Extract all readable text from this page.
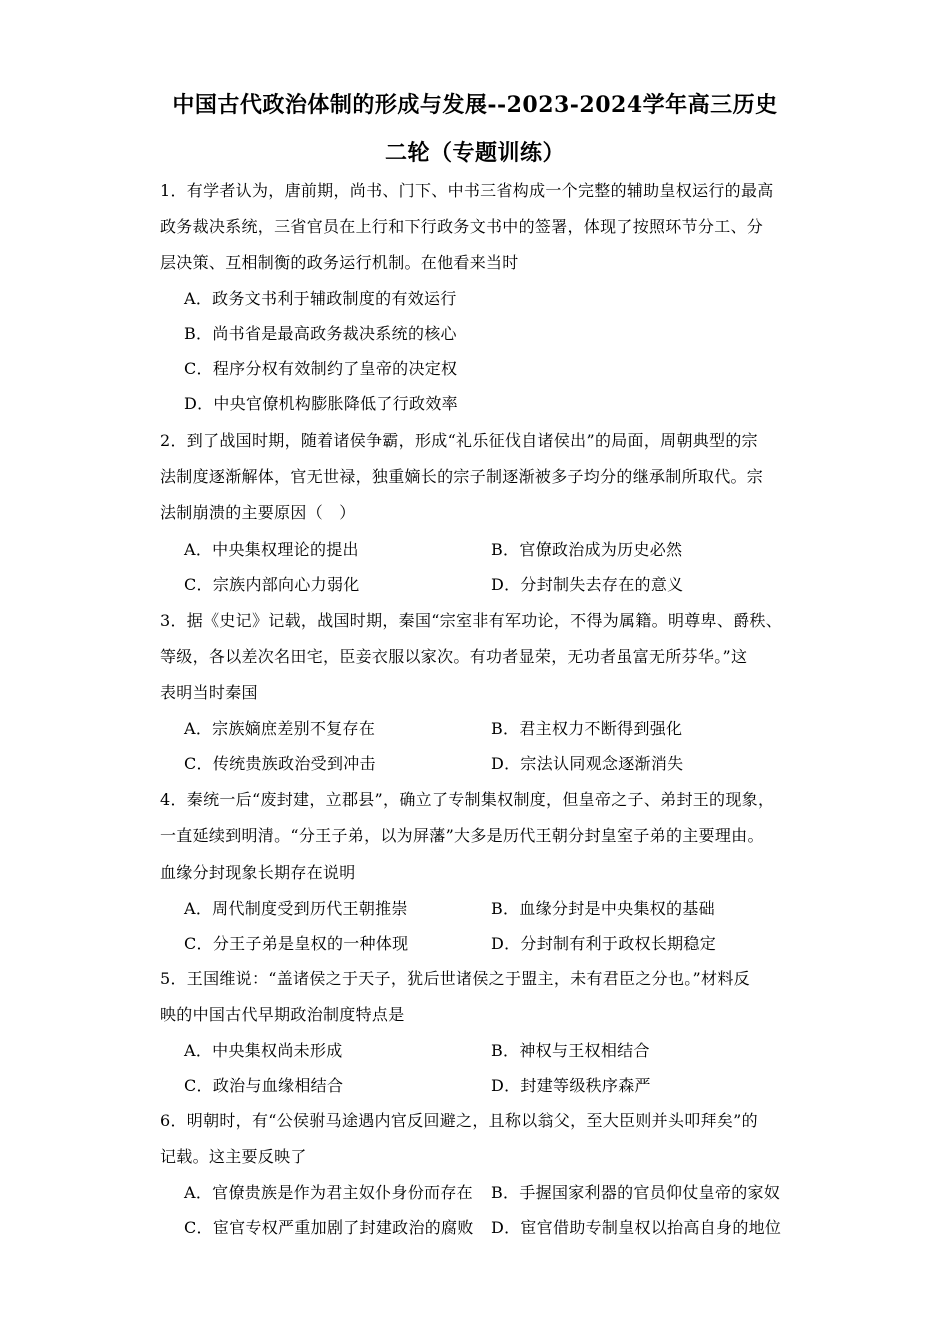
中国古代政治体制的形成与发展--2023-2024学年高三历史
二轮（专题训练）
1．有学者认为，唐前期，尚书、门下、中书三省构成一个完整的辅助皇权运行的最高
政务裁决系统，三省官员在上行和下行政务文书中的签署，体现了按照环节分工、分
层决策、互相制衡的政务运行机制。在他看来当时
A．政务文书利于辅政制度的有效运行
B．尚书省是最高政务裁决系统的核心
C．程序分权有效制约了皇帝的决定权
D．中央官僚机构膨胀降低了行政效率
2．到了战国时期，随着诸侯争霸，形成“礼乐征伐自诸侯出”的局面，周朝典型的宗
法制度逐渐解体，官无世禄，独重嫡长的宗子制逐渐被多子均分的继承制所取代。宗
法制崩溃的主要原因（　）
A．中央集权理论的提出	B．官僚政治成为历史必然
C．宗族内部向心力弱化	D．分封制失去存在的意义
3．据《史记》记载，战国时期，秦国“宗室非有军功论，不得为属籍。明尊卑、爵秩、
等级，各以差次名田宅，臣妾衣服以家次。有功者显荣，无功者虽富无所芬华。”这
表明当时秦国
A．宗族嫡庶差别不复存在	B．君主权力不断得到强化
C．传统贵族政治受到冲击	D．宗法认同观念逐渐消失
4．秦统一后“废封建，立郡县”，确立了专制集权制度，但皇帝之子、弟封王的现象，
一直延续到明清。“分王子弟，以为屏藩”大多是历代王朝分封皇室子弟的主要理由。
血缘分封现象长期存在说明
A．周代制度受到历代王朝推崇	B．血缘分封是中央集权的基础
C．分王子弟是皇权的一种体现	D．分封制有利于政权长期稳定
5．王国维说：“盖诸侯之于天子，犹后世诸侯之于盟主，未有君臣之分也。”材料反
映的中国古代早期政治制度特点是
A．中央集权尚未形成	B．神权与王权相结合
C．政治与血缘相结合	D．封建等级秩序森严
6．明朝时，有“公侯驸马途遇内官反回避之，且称以翁父，至大臣则并头叩拜矣”的
记载。这主要反映了
A．官僚贵族是作为君主奴仆身份而存在 B．手握国家利器的官员仰仗皇帝的家奴
C．宦官专权严重加剧了封建政治的腐败 D．宦官借助专制皇权以抬高自身的地位
